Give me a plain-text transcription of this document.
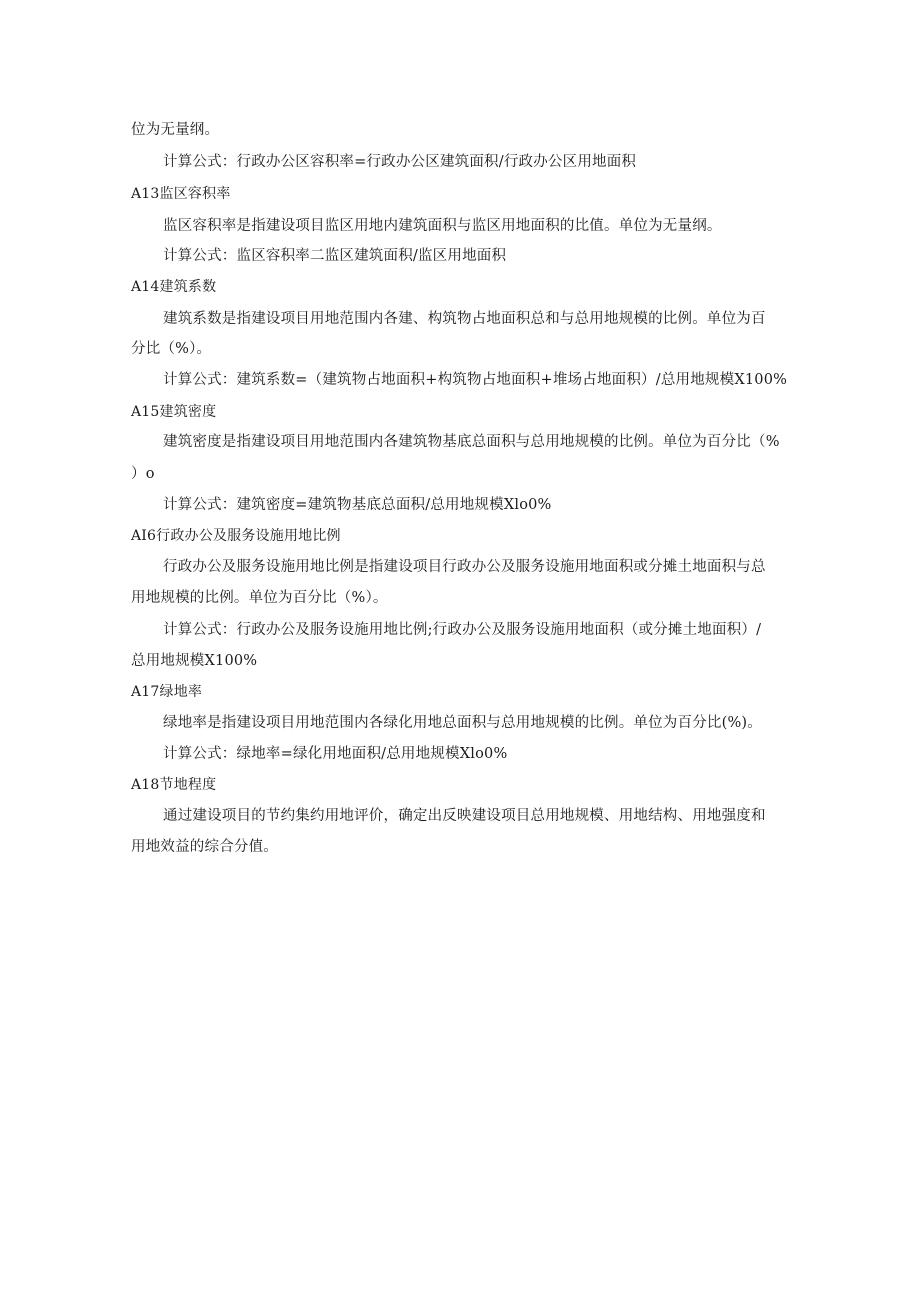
位为无量纲。
计算公式：行政办公区容积率=行政办公区建筑面积/行政办公区用地面积
A13监区容积率
监区容积率是指建设项目监区用地内建筑面积与监区用地面积的比值。单位为无量纲。
计算公式：监区容积率二监区建筑面积/监区用地面积
A14建筑系数
建筑系数是指建设项目用地范围内各建、构筑物占地面积总和与总用地规模的比例。单位为百
分比（%）。
计算公式：建筑系数=（建筑物占地面积+构筑物占地面积+堆场占地面积）/总用地规模X100%
A15建筑密度
建筑密度是指建设项目用地范围内各建筑物基底总面积与总用地规模的比例。单位为百分比（%
）o
计算公式：建筑密度=建筑物基底总面积/总用地规模Xlo0%
AI6行政办公及服务设施用地比例
行政办公及服务设施用地比例是指建设项目行政办公及服务设施用地面积或分摊土地面积与总
用地规模的比例。单位为百分比（%）。
计算公式：行政办公及服务设施用地比例;行政办公及服务设施用地面积（或分摊土地面积）/
总用地规模X100%
A17绿地率
绿地率是指建设项目用地范围内各绿化用地总面积与总用地规模的比例。单位为百分比(%)。
计算公式：绿地率=绿化用地面积/总用地规模Xlo0%
A18节地程度
通过建设项目的节约集约用地评价，确定出反映建设项目总用地规模、用地结构、用地强度和
用地效益的综合分值。
